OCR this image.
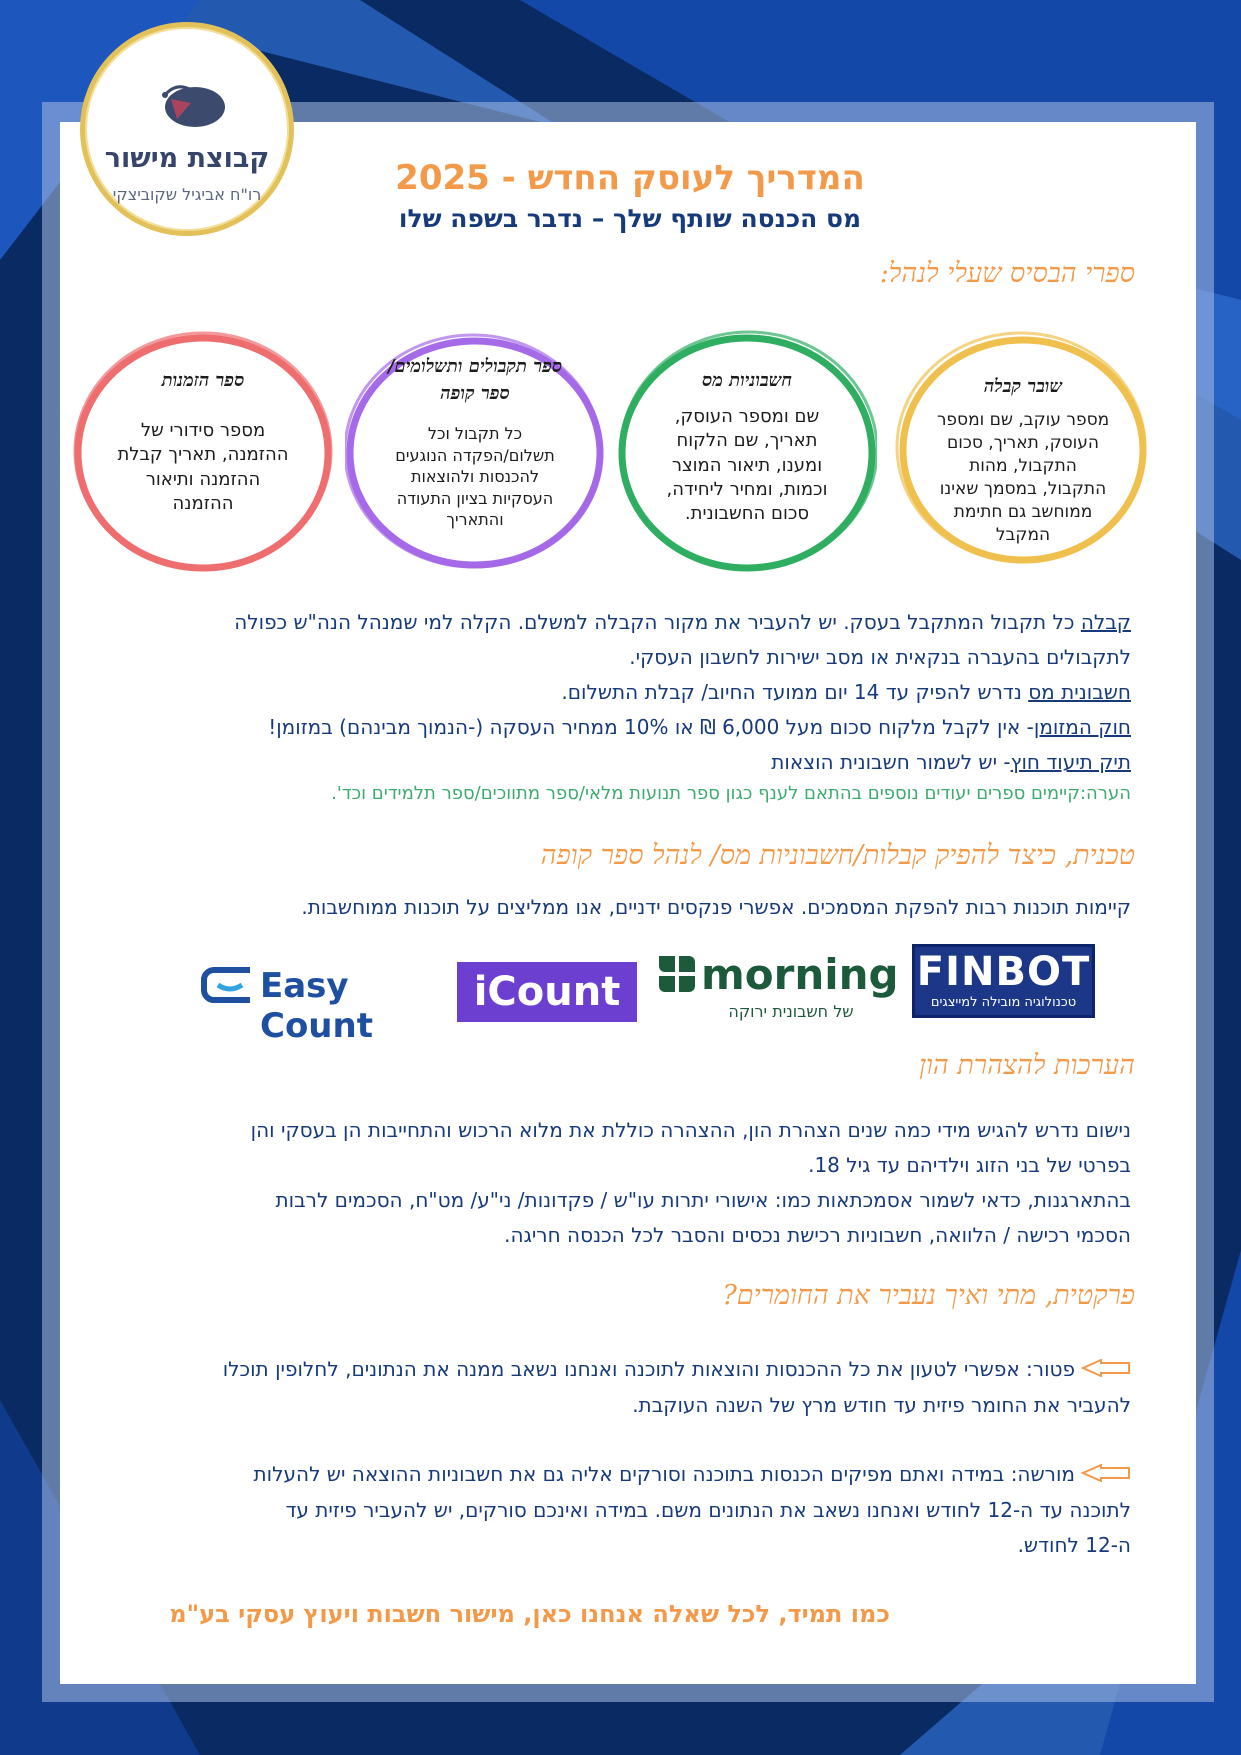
קבוצת מישור
רו"ח אביגיל שקוביצקי	המדריך לעוסק החדש - 2025
מס הכנסה שותף שלך – נדבר בשפה שלו
ספרי הבסיס שעלי לנהל:
שובר קבלה
מספר עוקב, שם ומספר העוסק, תאריך, סכום התקבול, מהות התקבול, במסמך שאינו ממוחשב גם חתימת המקבל
חשבוניות מס
שם ומספר העוסק, תאריך, שם הלקוח ומענו, תיאור המוצר וכמות, ומחיר ליחידה, סכום החשבונית.
ספר תקבולים ותשלומים/ ספר קופה
כל תקבול וכל תשלום/הפקדה הנוגעים להכנסות ולהוצאות העסקיות בציון התעודה והתאריך
ספר הזמנות
מספר סידורי של ההזמנה, תאריך קבלת ההזמנה ותיאור ההזמנה
קבלה כל תקבול המתקבל בעסק. יש להעביר את מקור הקבלה למשלם. הקלה למי שמנהל הנה"ש כפולה
לתקבולים בהעברה בנקאית או מסב ישירות לחשבון העסקי.
חשבונית מס נדרש להפיק עד 14 יום ממועד החיוב/ קבלת התשלום.
חוק המזומן- אין לקבל מלקוח סכום מעל 6,000 ₪ או 10% ממחיר העסקה (-הנמוך מבינהם) במזומן!
תיק תיעוד חוץ- יש לשמור חשבונית הוצאות
הערה:קיימים ספרים יעודים נוספים בהתאם לענף כגון ספר תנועות מלאי/ספר מתווכים/ספר תלמידים וכד'.
טכנית, כיצד להפיק קבלות/חשבוניות מס/ לנהל ספר קופה
קיימות תוכנות רבות להפקת המסמכים. אפשרי פנקסים ידניים, אנו ממליצים על תוכנות ממוחשבות.
FINBOT
טכנולוגיה מובילה למייצגים
morning
של חשבונית ירוקה
iCount
Easy Count
הערכות להצהרת הון
נישום נדרש להגיש מידי כמה שנים הצהרת הון, ההצהרה כוללת את מלוא הרכוש והתחייבות הן בעסקי והן
בפרטי של בני הזוג וילדיהם עד גיל 18.
בהתארגנות, כדאי לשמור אסמכתאות כמו: אישורי יתרות עו"ש / פקדונות/ ני"ע/ מט"ח, הסכמים לרבות
הסכמי רכישה / הלוואה, חשבוניות רכישת נכסים והסבר לכל הכנסה חריגה.
פרקטית, מתי ואיך נעביר את החומרים?
פטור: אפשרי לטעון את כל ההכנסות והוצאות לתוכנה ואנחנו נשאב ממנה את הנתונים, לחלופין תוכלו
להעביר את החומר פיזית עד חודש מרץ של השנה העוקבת.
מורשה: במידה ואתם מפיקים הכנסות בתוכנה וסורקים אליה גם את חשבוניות ההוצאה יש להעלות
לתוכנה עד ה-12 לחודש ואנחנו נשאב את הנתונים משם. במידה ואינכם סורקים, יש להעביר פיזית עד
ה-12 לחודש.
כמו תמיד, לכל שאלה אנחנו כאן, מישור חשבות ויעוץ עסקי בע"מ
